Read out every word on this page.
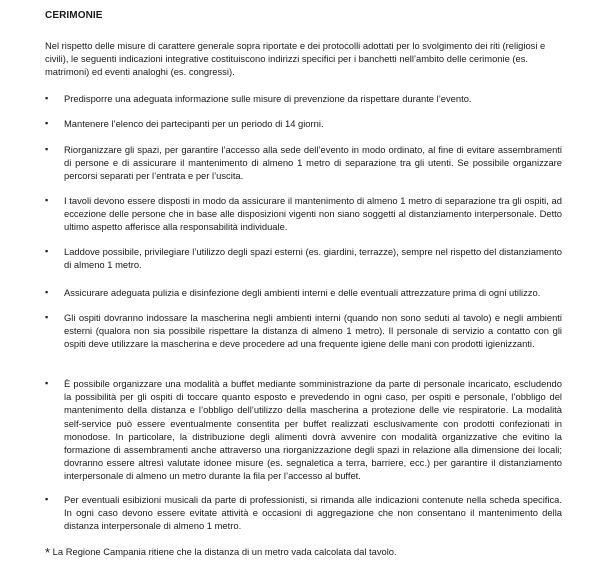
CERIMONIE
Nel rispetto delle misure di carattere generale sopra riportate e dei protocolli adottati per lo svolgimento dei riti (religiosi e civili), le seguenti indicazioni integrative costituiscono indirizzi specifici per i banchetti nell’ambito delle cerimonie (es. matrimoni) ed eventi analoghi (es. congressi).
▪	Predisporre una adeguata informazione sulle misure di prevenzione da rispettare durante l’evento.
▪	Mantenere l’elenco dei partecipanti per un periodo di 14 giorni.
▪	Riorganizzare gli spazi, per garantire l’accesso alla sede dell’evento in modo ordinato, al fine di evitare assembramenti di persone e di assicurare il mantenimento di almeno 1 metro di separazione tra gli utenti. Se possibile organizzare percorsi separati per l’entrata e per l’uscita.
▪	I tavoli devono essere disposti in modo da assicurare il mantenimento di almeno 1 metro di separazione tra gli ospiti, ad eccezione delle persone che in base alle disposizioni vigenti non siano soggetti al distanziamento interpersonale. Detto ultimo aspetto afferisce alla responsabilità individuale.
▪	Laddove possibile, privilegiare l’utilizzo degli spazi esterni (es. giardini, terrazze), sempre nel rispetto del distanziamento di almeno 1 metro.
▪	Assicurare adeguata pulizia e disinfezione degli ambienti interni e delle eventuali attrezzature prima di ogni utilizzo.
▪	Gli ospiti dovranno indossare la mascherina negli ambienti interni (quando non sono seduti al tavolo) e negli ambienti esterni (qualora non sia possibile rispettare la distanza di almeno 1 metro). Il personale di servizio a contatto con gli ospiti deve utilizzare la mascherina e deve procedere ad una frequente igiene delle mani con prodotti igienizzanti.
▪	È possibile organizzare una modalità a buffet mediante somministrazione da parte di personale incaricato, escludendo la possibilità per gli ospiti di toccare quanto esposto e prevedendo in ogni caso, per ospiti e personale, l’obbligo del mantenimento della distanza e l’obbligo dell’utilizzo della mascherina a protezione delle vie respiratorie. La modalità self-service può essere eventualmente consentita per buffet realizzati esclusivamente con prodotti confezionati in monodose. In particolare, la distribuzione degli alimenti dovrà avvenire con modalità organizzative che evitino la formazione di assembramenti anche attraverso una riorganizzazione degli spazi in relazione alla dimensione dei locali; dovranno essere altresì valutate idonee misure (es. segnaletica a terra, barriere, ecc.) per garantire il distanziamento interpersonale di almeno un metro durante la fila per l’accesso al buffet.
▪	Per eventuali esibizioni musicali da parte di professionisti, si rimanda alle indicazioni contenute nella scheda specifica. In ogni caso devono essere evitate attività e occasioni di aggregazione che non consentano il mantenimento della distanza interpersonale di almeno 1 metro.
* La Regione Campania ritiene che la distanza di un metro vada calcolata dal tavolo.
